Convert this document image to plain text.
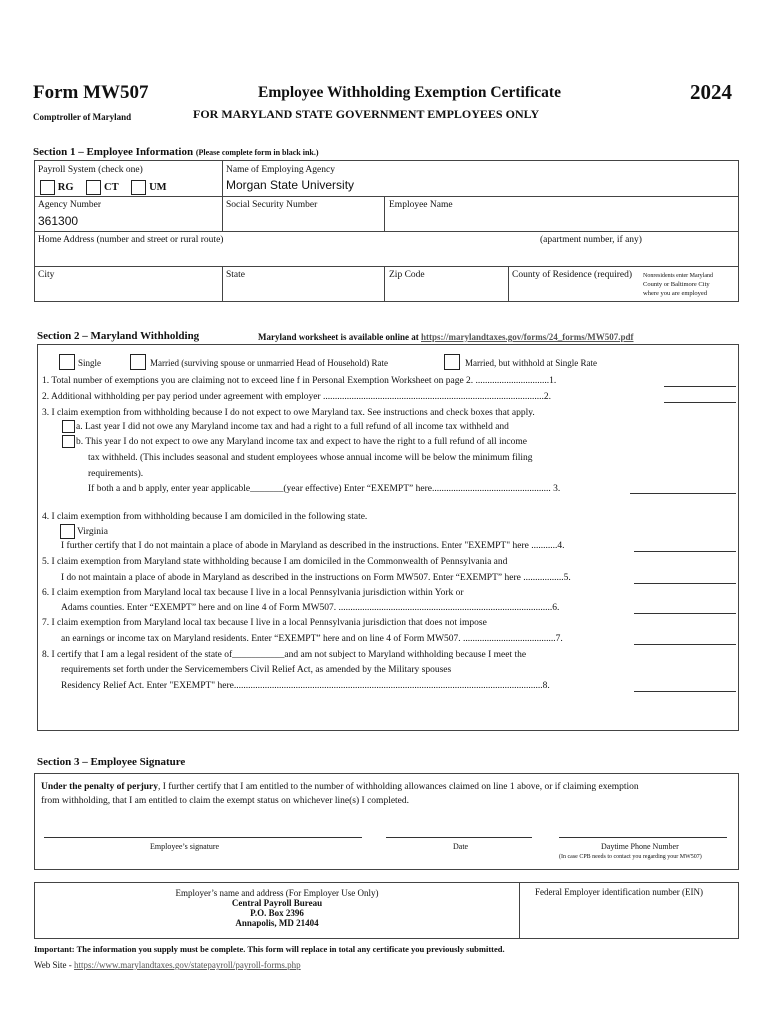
Form MW507
Comptroller of Maryland
Employee Withholding Exemption Certificate
FOR MARYLAND STATE GOVERNMENT EMPLOYEES ONLY
2024
Section 1 – Employee Information (Please complete form in black ink.)
Payroll System (check one)
RG	CT	UM
Name of Employing Agency
Morgan State University
Agency Number
361300
Social Security Number	Employee Name
Home Address (number and street or rural route)	(apartment number, if any)
City	State	Zip Code	County of Residence (required) Nonresidents enter Maryland
County or Baltimore City
where you are employed
Section 2 – Maryland Withholding	Maryland worksheet is available online at https://marylandtaxes.gov/forms/24_forms/MW507.pdf
Single	Married (surviving spouse or unmarried Head of Household) Rate	Married, but withhold at Single Rate
1. Total number of exemptions you are claiming not to exceed line f in Personal Exemption Worksheet on page 2. ...............................1.
2. Additional withholding per pay period under agreement with employer .............................................................................................2.
3. I claim exemption from withholding because I do not expect to owe Maryland tax. See instructions and check boxes that apply.
a. Last year I did not owe any Maryland income tax and had a right to a full refund of all income tax withheld and
b. This year I do not expect to owe any Maryland income tax and expect to have the right to a full refund of all income
tax withheld. (This includes seasonal and student employees whose annual income will be below the minimum filing
requirements).
If both a and b apply, enter year applicable_______(year effective) Enter “EXEMPT” here.................................................. 3.
4. I claim exemption from withholding because I am domiciled in the following state.
Virginia
I further certify that I do not maintain a place of abode in Maryland as described in the instructions. Enter "EXEMPT" here ...........4.
5. I claim exemption from Maryland state withholding because I am domiciled in the Commonwealth of Pennsylvania and
I do not maintain a place of abode in Maryland as described in the instructions on Form MW507. Enter “EXEMPT” here .................5.
6. I claim exemption from Maryland local tax because I live in a local Pennsylvania jurisdiction within York or
Adams counties. Enter “EXEMPT” here and on line 4 of Form MW507. ..........................................................................................6.
7. I claim exemption from Maryland local tax because I live in a local Pennsylvania jurisdiction that does not impose
an earnings or income tax on Maryland residents. Enter “EXEMPT” here and on line 4 of Form MW507. .......................................7.
8. I certify that I am a legal resident of the state of___________and am not subject to Maryland withholding because I meet the
requirements set forth under the Servicemembers Civil Relief Act, as amended by the Military spouses
Residency Relief Act. Enter "EXEMPT" here..................................................................................................................................8.
Section 3 – Employee Signature
Under the penalty of perjury, I further certify that I am entitled to the number of withholding allowances claimed on line 1 above, or if claiming exemption
from withholding, that I am entitled to claim the exempt status on whichever line(s) I completed.
Employee’s signature	Date	Daytime Phone Number
(In case CPB needs to contact you regarding your MW507)
Employer’s name and address (For Employer Use Only)
Central Payroll Bureau
P.O. Box 2396
Annapolis, MD 21404
Federal Employer identification number (EIN)
Important: The information you supply must be complete. This form will replace in total any certificate you previously submitted.
Web Site - https://www.marylandtaxes.gov/statepayroll/payroll-forms.php
